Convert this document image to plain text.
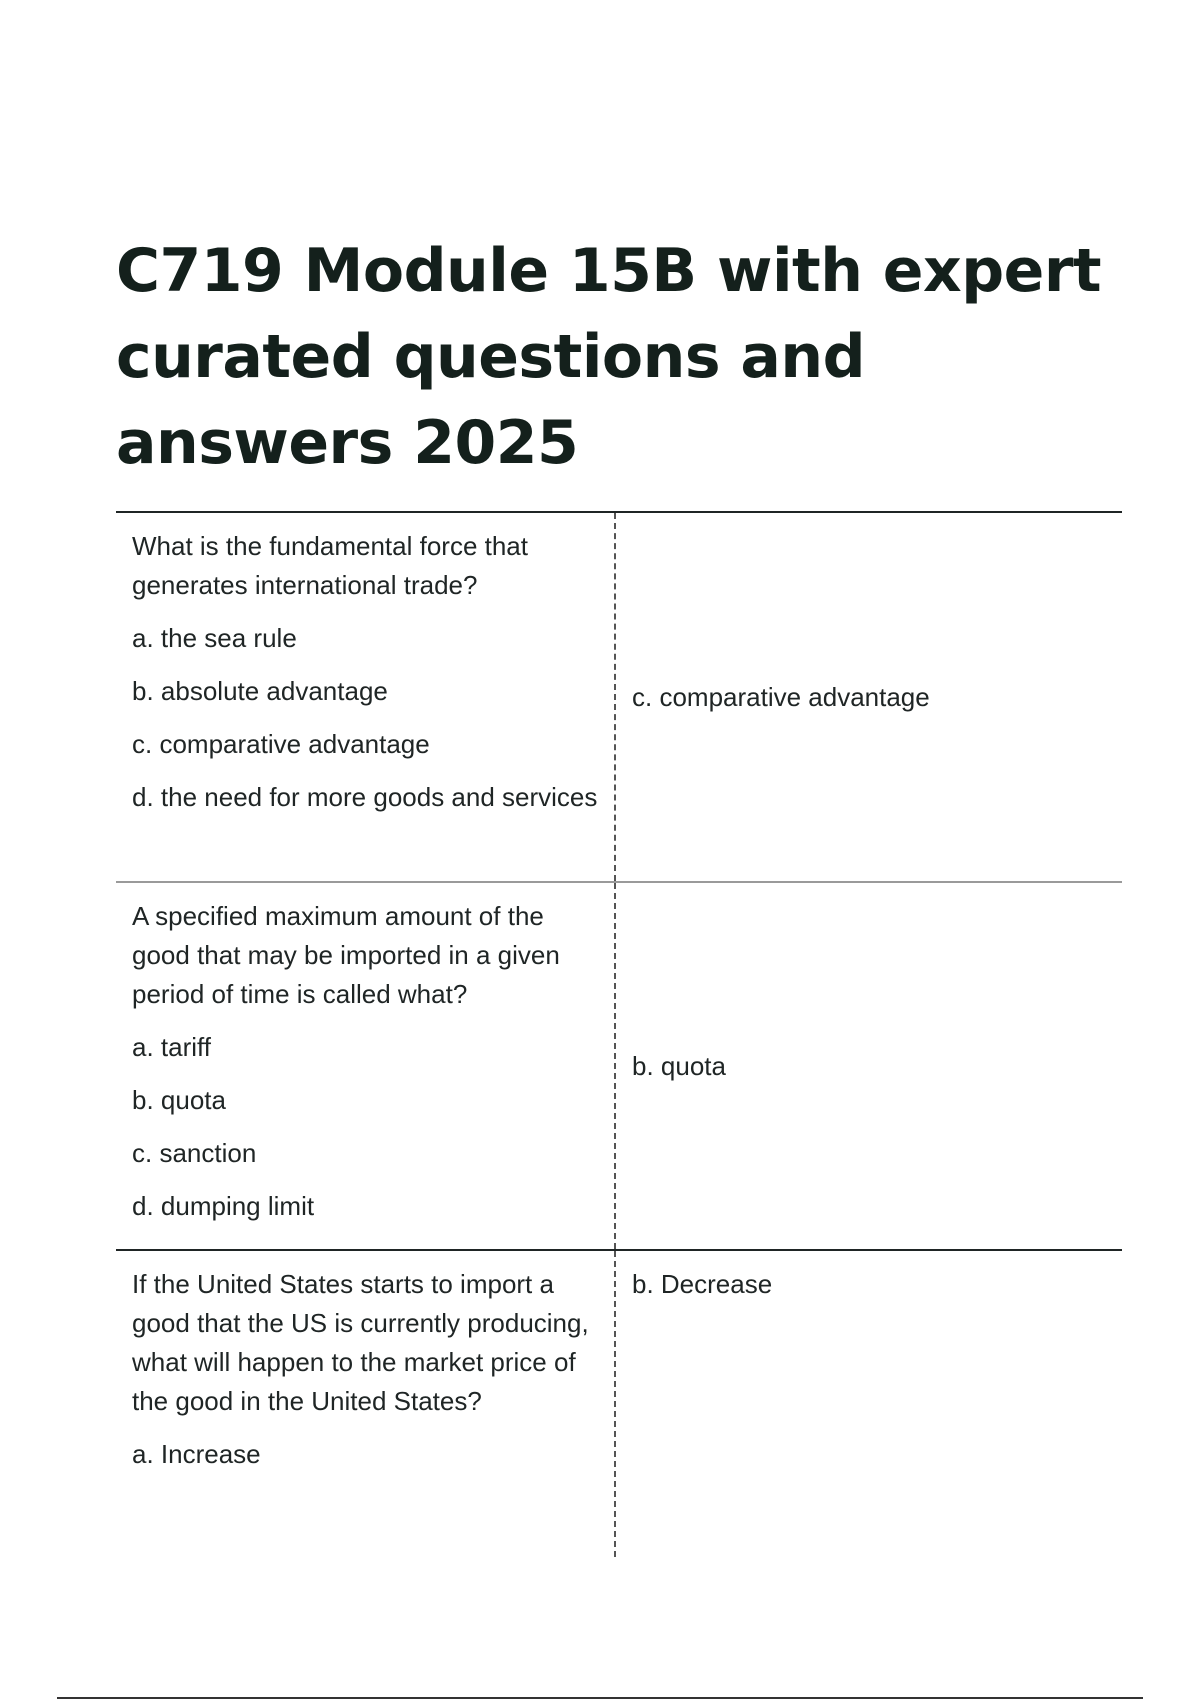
C719 Module 15B with expert curated questions and answers 2025

What is the fundamental force that generates international trade?

a. the sea rule

b. absolute advantage

c. comparative advantage

d. the need for more goods and services

c. comparative advantage

A specified maximum amount of the good that may be imported in a given period of time is called what?

a. tariff

b. quota

c. sanction

d. dumping limit

b. quota

If the United States starts to import a good that the US is currently producing, what will happen to the market price of the good in the United States?

a. Increase

b. Decrease
